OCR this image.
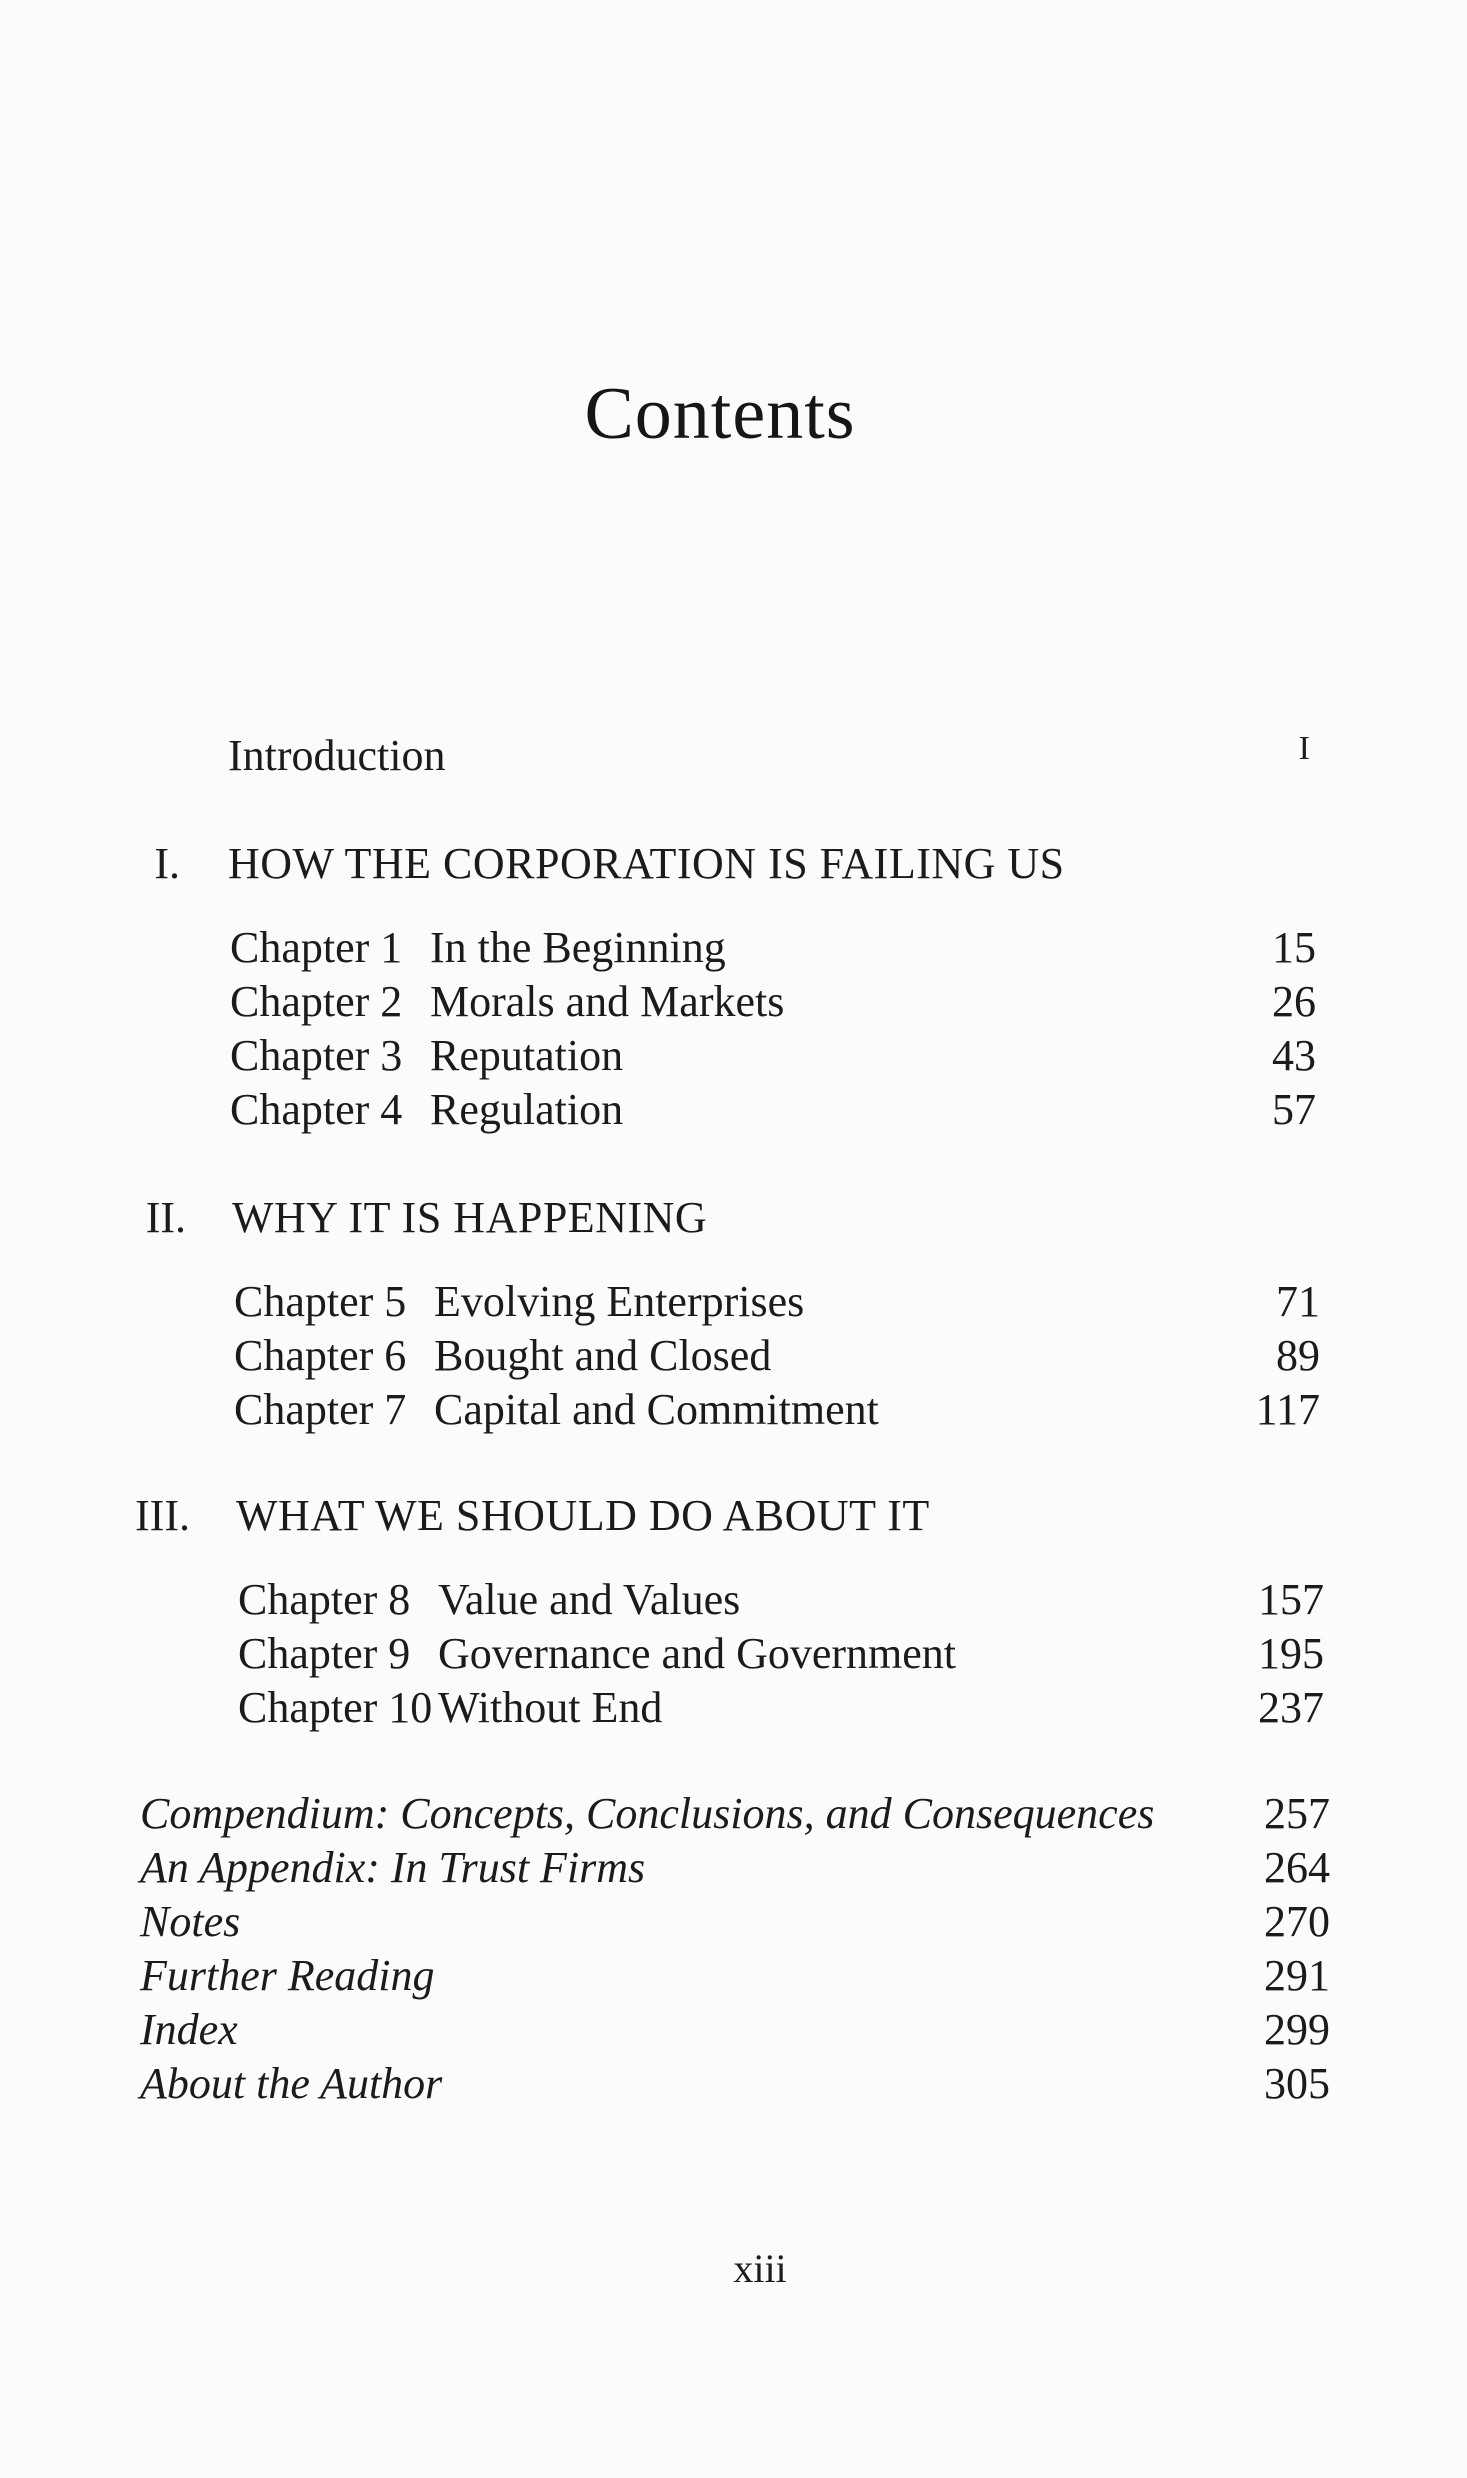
Contents
Introduction	I
I. HOW THE CORPORATION IS FAILING US
Chapter 1 In the Beginning	15
Chapter 2 Morals and Markets	26
Chapter 3 Reputation	43
Chapter 4 Regulation	57
II. WHY IT IS HAPPENING
Chapter 5 Evolving Enterprises	71
Chapter 6 Bought and Closed	89
Chapter 7 Capital and Commitment	117
III. WHAT WE SHOULD DO ABOUT IT
Chapter 8 Value and Values	157
Chapter 9 Governance and Government	195
Chapter 10 Without End	237
Compendium: Concepts, Conclusions, and Consequences	257
An Appendix: In Trust Firms	264
Notes	270
Further Reading	291
Index	299
About the Author	305
xiii
